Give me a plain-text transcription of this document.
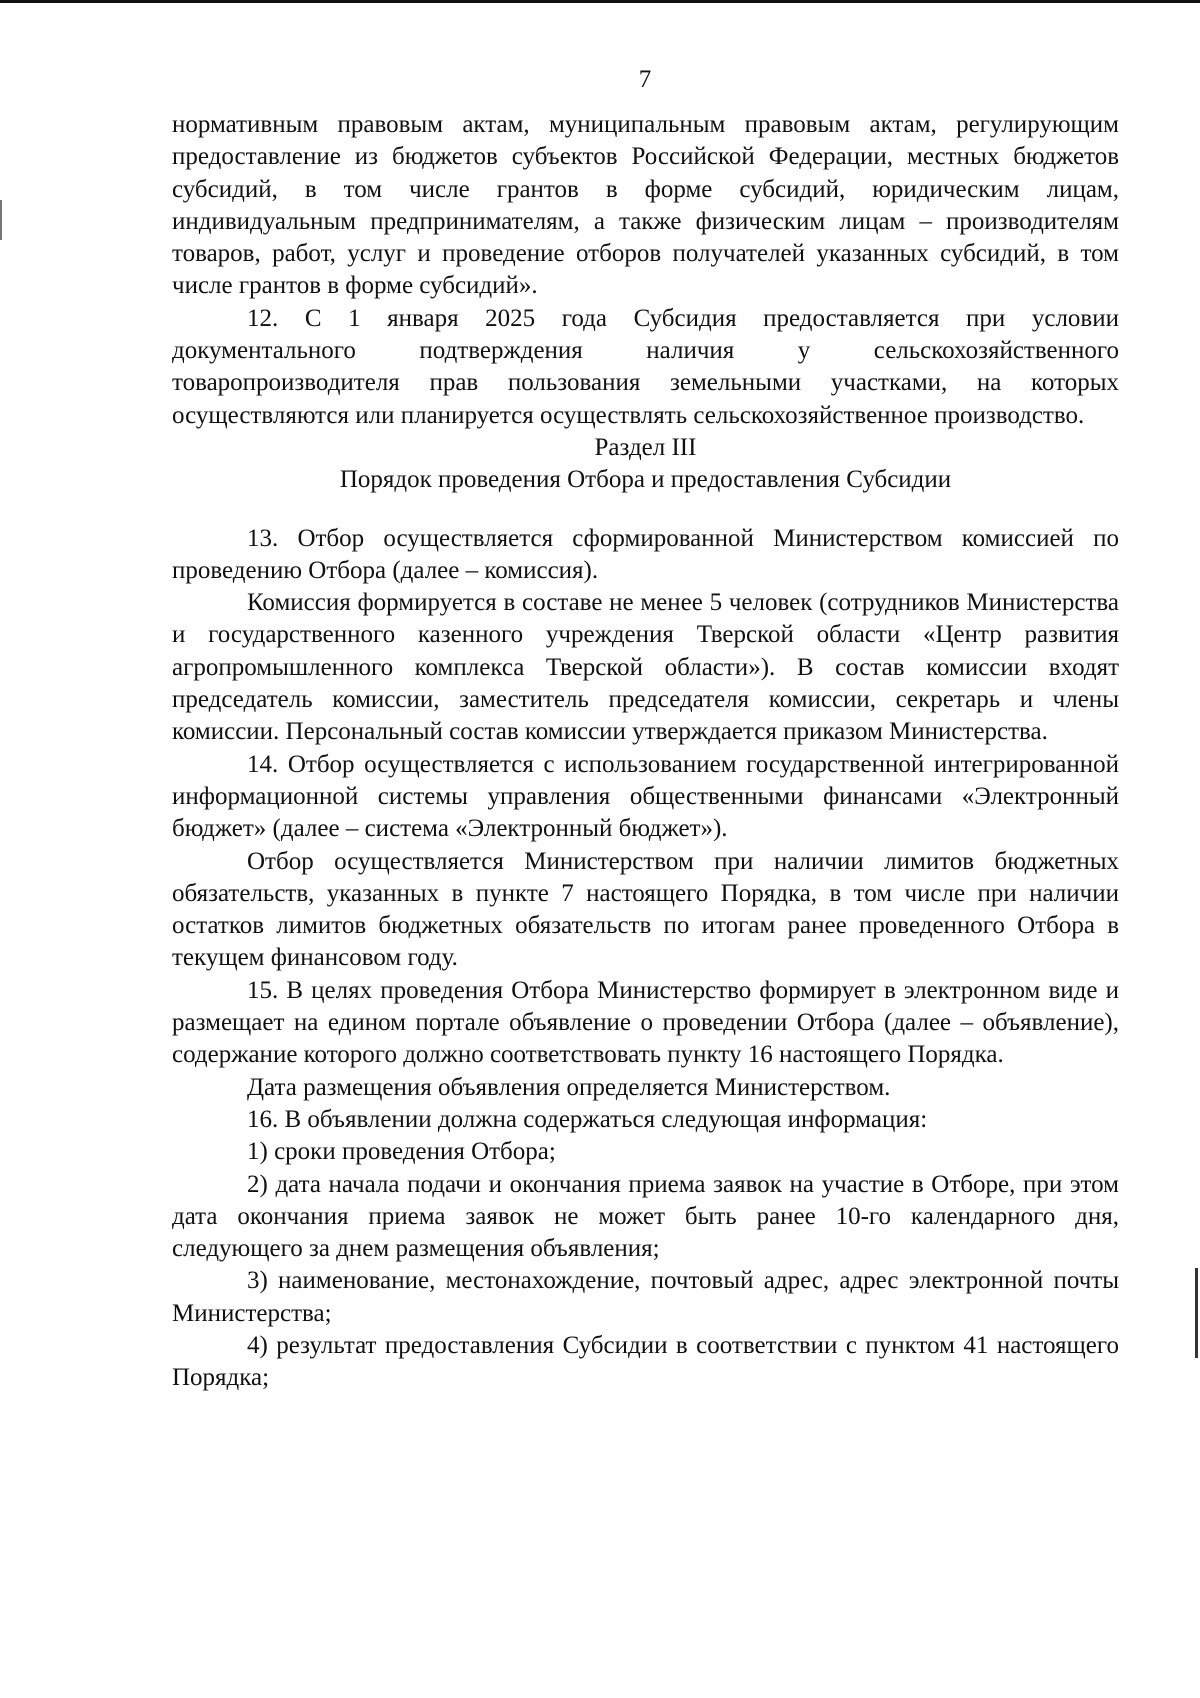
7

нормативным правовым актам, муниципальным правовым актам, регулирующим предоставление из бюджетов субъектов Российской Федерации, местных бюджетов субсидий, в том числе грантов в форме субсидий, юридическим лицам, индивидуальным предпринимателям, а также физическим лицам – производителям товаров, работ, услуг и проведение отборов получателей указанных субсидий, в том числе грантов в форме субсидий».

12. С 1 января 2025 года Субсидия предоставляется при условии документального подтверждения наличия у сельскохозяйственного товаропроизводителя прав пользования земельными участками, на которых осуществляются или планируется осуществлять сельскохозяйственное производство.

Раздел III

Порядок проведения Отбора и предоставления Субсидии

13. Отбор осуществляется сформированной Министерством комиссией по проведению Отбора (далее – комиссия).

Комиссия формируется в составе не менее 5 человек (сотрудников Министерства и государственного казенного учреждения Тверской области «Центр развития агропромышленного комплекса Тверской области»). В состав комиссии входят председатель комиссии, заместитель председателя комиссии, секретарь и члены комиссии. Персональный состав комиссии утверждается приказом Министерства.

14. Отбор осуществляется с использованием государственной интегрированной информационной системы управления общественными финансами «Электронный бюджет» (далее – система «Электронный бюджет»).

Отбор осуществляется Министерством при наличии лимитов бюджетных обязательств, указанных в пункте 7 настоящего Порядка, в том числе при наличии остатков лимитов бюджетных обязательств по итогам ранее проведенного Отбора в текущем финансовом году.

15. В целях проведения Отбора Министерство формирует в электронном виде и размещает на едином портале объявление о проведении Отбора (далее – объявление), содержание которого должно соответствовать пункту 16 настоящего Порядка.

Дата размещения объявления определяется Министерством.

16. В объявлении должна содержаться следующая информация:

1) сроки проведения Отбора;

2) дата начала подачи и окончания приема заявок на участие в Отборе, при этом дата окончания приема заявок не может быть ранее 10-го календарного дня, следующего за днем размещения объявления;

3) наименование, местонахождение, почтовый адрес, адрес электронной почты Министерства;

4) результат предоставления Субсидии в соответствии с пунктом 41 настоящего Порядка;
